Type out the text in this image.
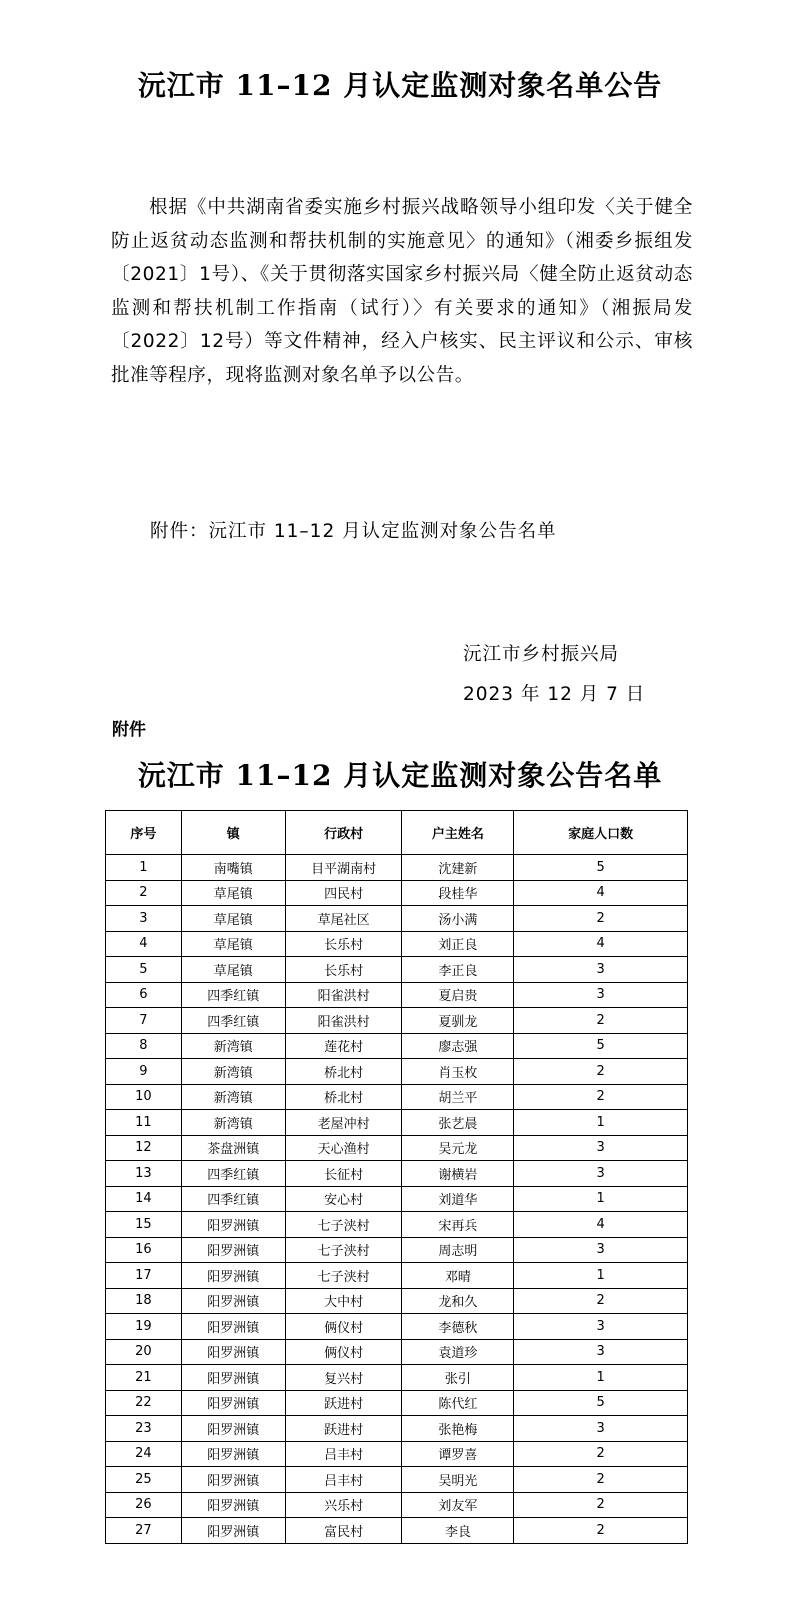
沅江市 11–12 月认定监测对象名单公告

根据《中共湖南省委实施乡村振兴战略领导小组印发〈关于健全防止返贫动态监测和帮扶机制的实施意见〉的通知》（湘委乡振组发〔2021〕1号）、《关于贯彻落实国家乡村振兴局〈健全防止返贫动态监测和帮扶机制工作指南（试行）〉有关要求的通知》（湘振局发〔2022〕12号）等文件精神，经入户核实、民主评议和公示、审核批准等程序，现将监测对象名单予以公告。

附件：沅江市 11–12 月认定监测对象公告名单
沅江市乡村振兴局
2023 年 12 月 7 日
附件
沅江市 11–12 月认定监测对象公告名单
序号	镇	行政村	户主姓名	家庭人口数
1	南嘴镇	目平湖南村	沈建新	5
2	草尾镇	四民村	段桂华	4
3	草尾镇	草尾社区	汤小满	2
4	草尾镇	长乐村	刘正良	4
5	草尾镇	长乐村	李正良	3
6	四季红镇	阳雀洪村	夏启贵	3
7	四季红镇	阳雀洪村	夏驯龙	2
8	新湾镇	莲花村	廖志强	5
9	新湾镇	桥北村	肖玉枚	2
10	新湾镇	桥北村	胡兰平	2
11	新湾镇	老屋冲村	张艺晨	1
12	茶盘洲镇	天心渔村	吴元龙	3
13	四季红镇	长征村	谢横岩	3
14	四季红镇	安心村	刘道华	1
15	阳罗洲镇	七子浃村	宋再兵	4
16	阳罗洲镇	七子浃村	周志明	3
17	阳罗洲镇	七子浃村	邓晴	1
18	阳罗洲镇	大中村	龙和久	2
19	阳罗洲镇	俩仪村	李德秋	3
20	阳罗洲镇	俩仪村	袁道珍	3
21	阳罗洲镇	复兴村	张引	1
22	阳罗洲镇	跃进村	陈代红	5
23	阳罗洲镇	跃进村	张艳梅	3
24	阳罗洲镇	吕丰村	谭罗喜	2
25	阳罗洲镇	吕丰村	吴明光	2
26	阳罗洲镇	兴乐村	刘友军	2
27	阳罗洲镇	富民村	李良	2
